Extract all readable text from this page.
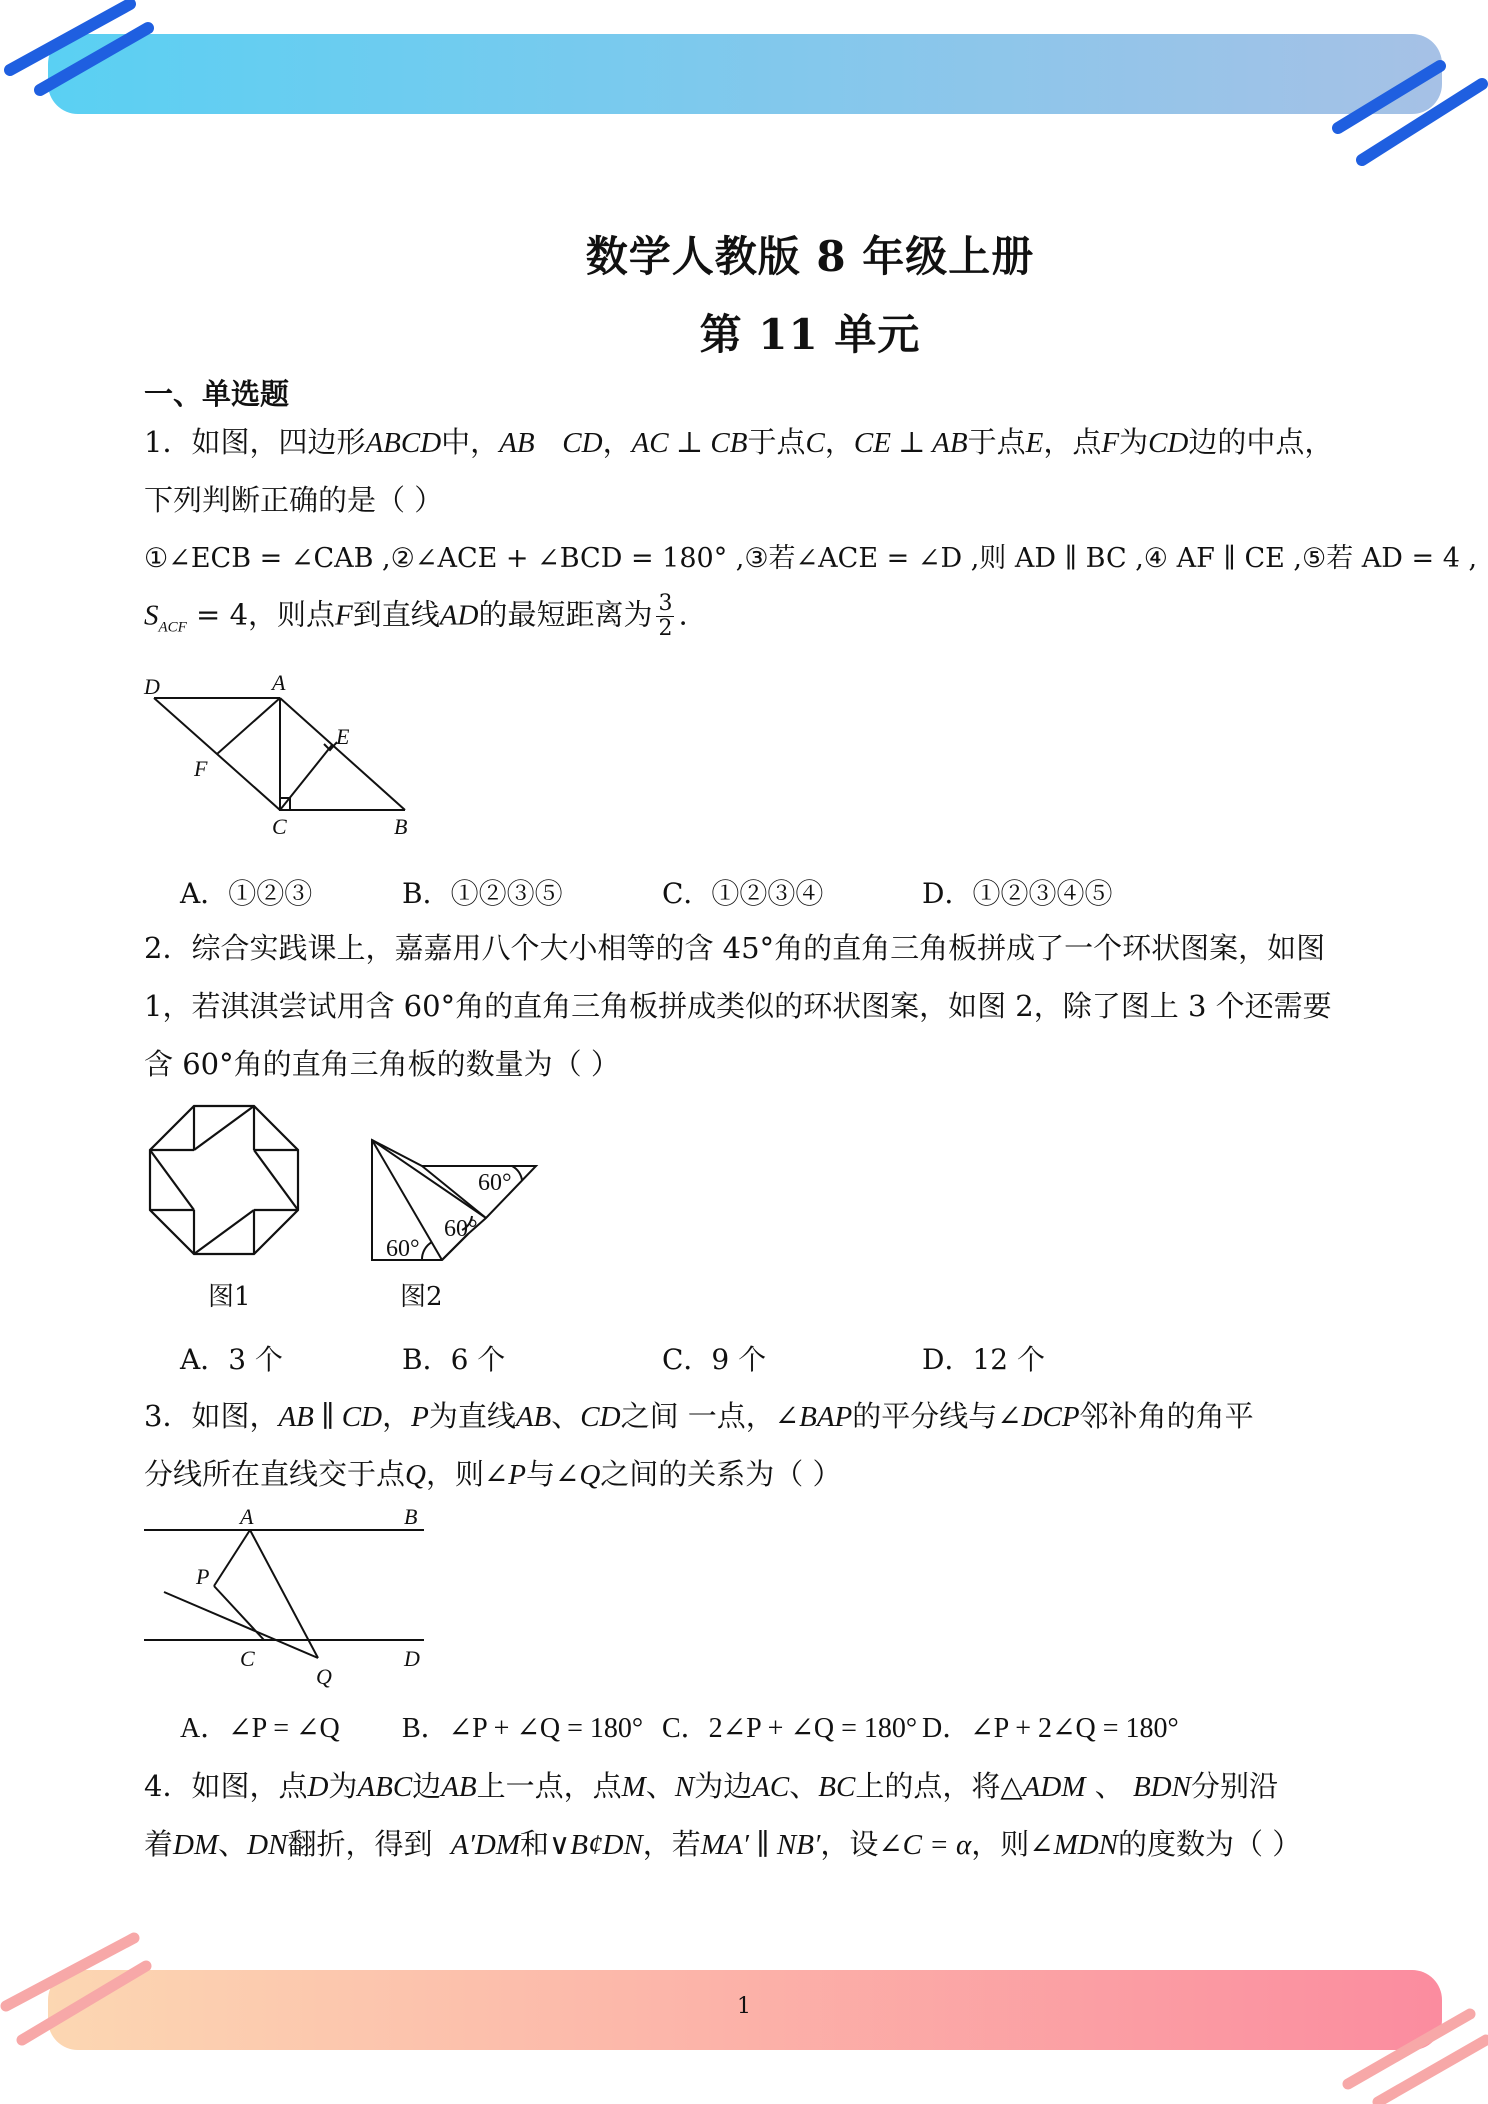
数学人教版 8 年级上册
第 11 单元
一、单选题
1．如图，四边形ABCD中，AB CD，AC ⊥ CB于点C，CE ⊥ AB于点E，点F为CD边的中点，
下列判断正确的是（ ）
①∠ECB = ∠CAB ,②∠ACE + ∠BCD = 180° ,③若∠ACE = ∠D ,则 AD ∥ BC ,④ AF ∥ CE ,⑤若 AD = 4 ,
$S_{ACF} = 4$，则点F到直线AD的最短距离为 $\frac{3}{2}$ .
D	A
E
F
C	B
A．①②③	B．①②③⑤	C．①②③④	D．①②③④⑤
2．综合实践课上，嘉嘉用八个大小相等的含 45°角的直角三角板拼成了一个环状图案，如图
1，若淇淇尝试用含 60°角的直角三角板拼成类似的环状图案，如图 2，除了图上 3 个还需要
含 60°角的直角三角板的数量为（ ）
图1
60°
60°
60°
图2
A．3 个	B．6 个	C．9 个	D．12 个
3．如图，AB ∥ CD，P为直线AB、CD之间 一点，∠BAP的平分线与∠DCP邻补角的角平
分线所在直线交于点Q，则∠P与∠Q之间的关系为（ ）
A	B
P
C	D
Q
A．∠P = ∠Q B．∠P + ∠Q = 180° C．2∠P + ∠Q = 180° D．∠P + 2∠Q = 180°
4．如图，点D为ABC边AB上一点，点M、N为边AC、BC上的点，将△ADM 、 BDN分别沿
着DM、DN翻折，得到  A′DM和∨B¢DN，若MA′ ∥ NB′，设∠C = α，则∠MDN的度数为（ ）
1
